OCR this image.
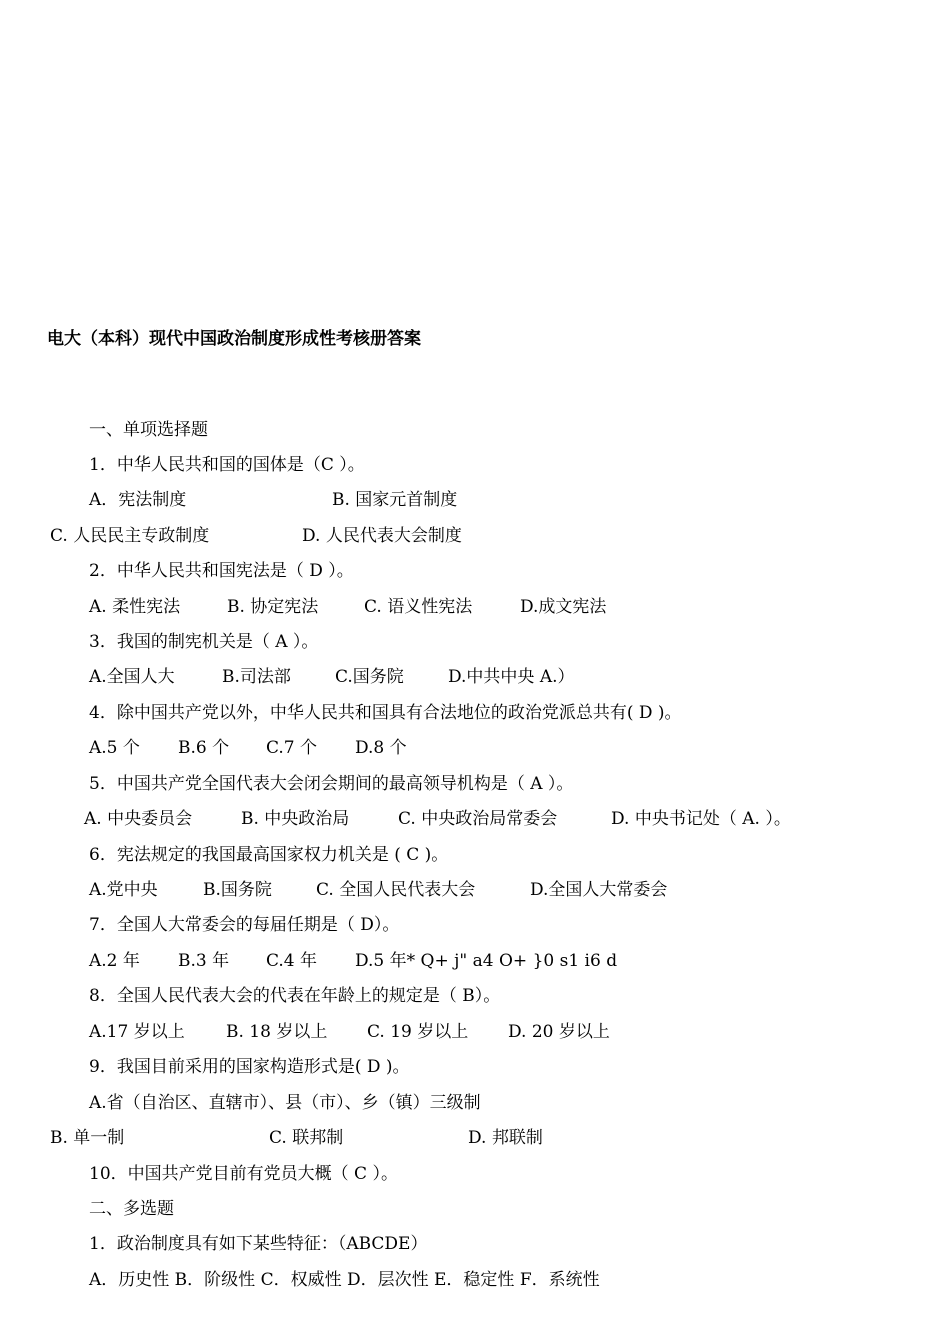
电大（本科）现代中国政治制度形成性考核册答案
一、单项选择题
1．中华人民共和国的国体是（C ）。
A．宪法制度	B. 国家元首制度
C. 人民民主专政制度	D. 人民代表大会制度
2．中华人民共和国宪法是（ D ）。
A. 柔性宪法	B. 协定宪法	C. 语义性宪法	D.成文宪法
3．我国的制宪机关是（ A ）。
A.全国人大	B.司法部	C.国务院	D.中共中央 A.）
4．除中国共产党以外，中华人民共和国具有合法地位的政治党派总共有( D )。
A.5 个 B.6 个 C.7 个 D.8 个
5．中国共产党全国代表大会闭会期间的最高领导机构是（ A ）。
A. 中央委员会	B. 中央政治局	C. 中央政治局常委会	D. 中央书记处（ A. ）。
6．宪法规定的我国最高国家权力机关是 ( C )。
A.党中央	B.国务院	C. 全国人民代表大会	D.全国人大常委会
7．全国人大常委会的每届任期是（ D）。
A.2 年 B.3 年 C.4 年 D.5 年* Q+ j" a4 O+ }0 s1 i6 d
8．全国人民代表大会的代表在年龄上的规定是（ B）。
A.17 岁以上 B. 18 岁以上 C. 19 岁以上 D. 20 岁以上
9．我国目前采用的国家构造形式是( D )。
A.省（自治区、直辖市）、县（市）、乡（镇）三级制
B. 单一制	C. 联邦制	D. 邦联制
10．中国共产党目前有党员大概（ C ）。
二、多选题
1．政治制度具有如下某些特征：（ABCDE）
A．历史性 B．阶级性 C．权威性 D．层次性 E．稳定性 F．系统性
